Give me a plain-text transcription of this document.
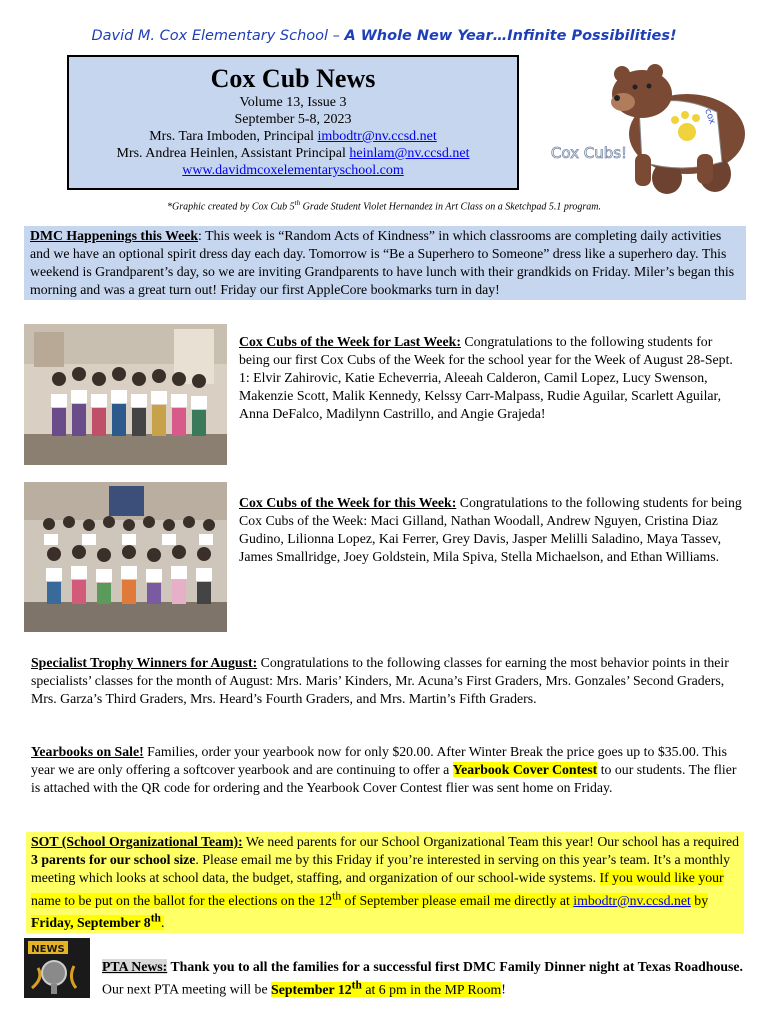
David M. Cox Elementary School – A Whole New Year…Infinite Possibilities!
Cox Cub News
Volume 13, Issue 3
September 5-8, 2023
Mrs. Tara Imboden, Principal imbodtr@nv.ccsd.net
Mrs. Andrea Heinlen, Assistant Principal heinlam@nv.ccsd.net
www.davidmcoxelementaryschool.com
cox
Cox Cubs!
*Graphic created by Cox Cub 5th Grade Student Violet Hernandez in Art Class on a Sketchpad 5.1 program.
DMC Happenings this Week: This week is “Random Acts of Kindness” in which classrooms are completing daily activities and we have an optional spirit dress day each day. Tomorrow is “Be a Superhero to Someone” dress like a superhero day. This weekend is Grandparent’s day, so we are inviting Grandparents to have lunch with their grandkids on Friday. Miler’s began this morning and was a great turn out! Friday our first AppleCore bookmarks turn in day!
Cox Cubs of the Week for Last Week: Congratulations to the following students for being our first Cox Cubs of the Week for the school year for the Week of August 28-Sept. 1: Elvir Zahirovic, Katie Echeverria, Aleeah Calderon, Camil Lopez, Lucy Swenson, Makenzie Scott, Malik Kennedy, Kelssy Carr-Malpass, Rudie Aguilar, Scarlett Aguilar, Anna DeFalco, Madilynn Castrillo, and Angie Grajeda!
Cox Cubs of the Week for this Week: Congratulations to the following students for being Cox Cubs of the Week: Maci Gilland, Nathan Woodall, Andrew Nguyen, Cristina Diaz Gudino, Lilionna Lopez, Kai Ferrer, Grey Davis, Jasper Melilli Saladino, Maya Tassev, James Smallridge, Joey Goldstein, Mila Spiva, Stella Michaelson, and Ethan Williams.
Specialist Trophy Winners for August: Congratulations to the following classes for earning the most behavior points in their specialists’ classes for the month of August: Mrs. Maris’ Kinders, Mr. Acuna’s First Graders, Mrs. Gonzales’ Second Graders, Mrs. Garza’s Third Graders, Mrs. Heard’s Fourth Graders, and Mrs. Martin’s Fifth Graders.
Yearbooks on Sale! Families, order your yearbook now for only $20.00. After Winter Break the price goes up to $35.00. This year we are only offering a softcover yearbook and are continuing to offer a Yearbook Cover Contest to our students. The flier is attached with the QR code for ordering and the Yearbook Cover Contest flier was sent home on Friday.
SOT (School Organizational Team): We need parents for our School Organizational Team this year! Our school has a required 3 parents for our school size. Please email me by this Friday if you’re interested in serving on this year’s team. It’s a monthly meeting which looks at school data, the budget, staffing, and organization of our school-wide systems. If you would like your name to be put on the ballot for the elections on the 12th of September please email me directly at imbodtr@nv.ccsd.net by Friday, September 8th.
NEWS
PTA News: Thank you to all the families for a successful first DMC Family Dinner night at Texas Roadhouse. Our next PTA meeting will be September 12th at 6 pm in the MP Room!
